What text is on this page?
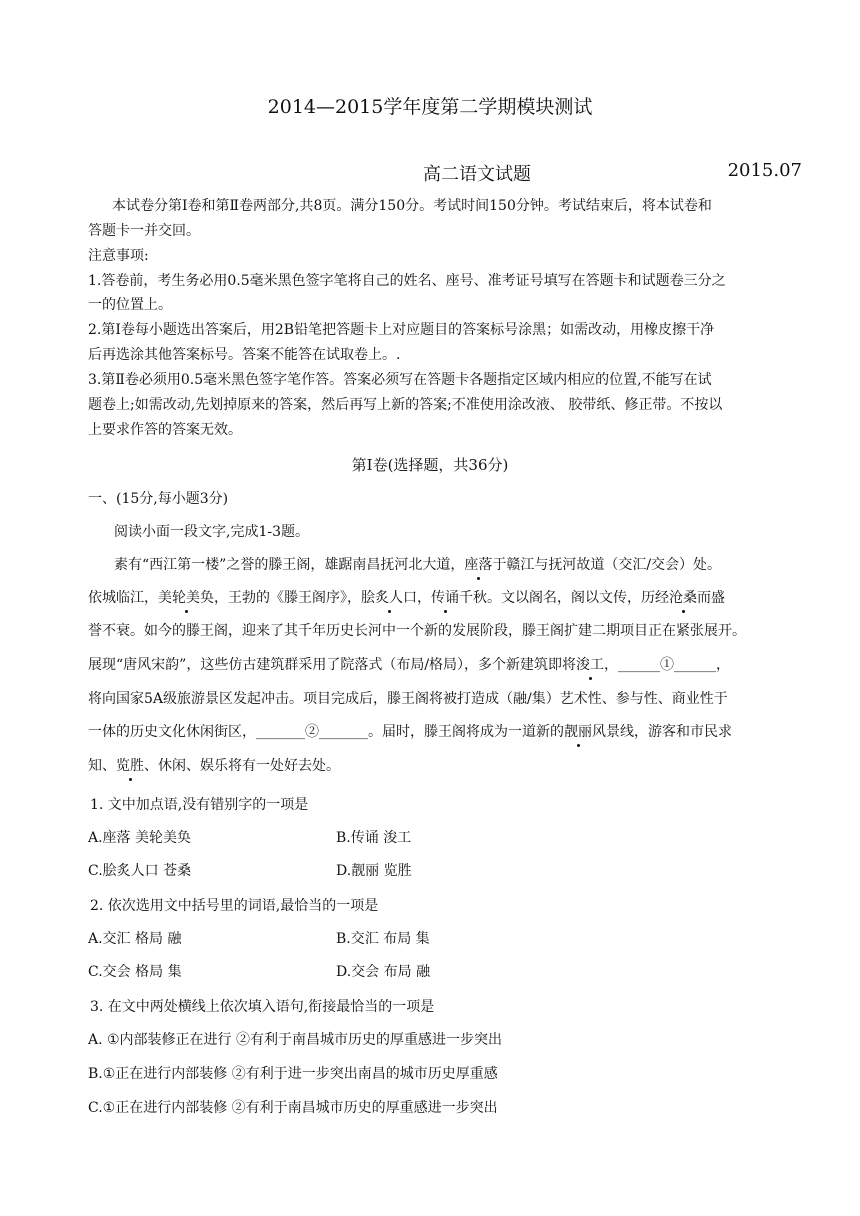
2014—2015学年度第二学期模块测试
高二语文试题	2015.07
本试卷分第Ⅰ卷和第Ⅱ卷两部分,共8页。满分150分。考试时间150分钟。考试结束后，将本试卷和
答题卡一并交回。
注意事项:
1.答卷前，考生务必用0.5毫米黑色签字笔将自己的姓名、座号、准考证号填写在答题卡和试题卷三分之
一的位置上。
2.第Ⅰ卷每小题选出答案后，用2B铅笔把答题卡上对应题目的答案标号涂黑；如需改动，用橡皮擦干净
后再选涂其他答案标号。答案不能答在试取卷上。.
3.第Ⅱ卷必须用0.5毫米黑色签字笔作答。答案必须写在答题卡各题指定区域内相应的位置,不能写在试
题卷上;如需改动,先划掉原来的答案，然后再写上新的答案;不准使用涂改液、 胶带纸、修正带。不按以
上要求作答的答案无效。
第Ⅰ卷(选择题，共36分)
一、(15分,每小题3分)
阅读小面一段文字,完成1-3题。
素有“西江第一楼”之誉的滕王阁，雄踞南昌抚河北大道，座落于赣江与抚河故道（交汇/交会）处。
依城临江，美轮美奂，王勃的《滕王阁序》，脍炙人口，传诵千秋。文以阁名，阁以文传，历经沧桑而盛
誉不衰。如今的滕王阁，迎来了其千年历史长河中一个新的发展阶段，滕王阁扩建二期项目正在紧张展开。
展现“唐风宋韵”，这些仿古建筑群采用了院落式（布局/格局），多个新建筑即将浚工，______①______，
将向国家5A级旅游景区发起冲击。项目完成后，滕王阁将被打造成（融/集）艺术性、参与性、商业性于
一体的历史文化休闲街区，_______②_______。届时，滕王阁将成为一道新的靓丽风景线，游客和市民求
知、览胜、休闲、娱乐将有一处好去处。
1. 文中加点语,没有错别字的一项是
A.座落 美轮美奂	B.传诵 浚工
C.脍炙人口 苍桑	D.靓丽 览胜
2. 依次选用文中括号里的词语,最恰当的一项是
A.交汇 格局 融	B.交汇 布局 集
C.交会 格局 集	D.交会 布局 融
3. 在文中两处横线上依次填入语句,衔接最恰当的一项是
A. ①内部装修正在进行 ②有利于南昌城市历史的厚重感进一步突出
B.①正在进行内部装修 ②有利于进一步突出南昌的城市历史厚重感
C.①正在进行内部装修 ②有利于南昌城市历史的厚重感进一步突出
